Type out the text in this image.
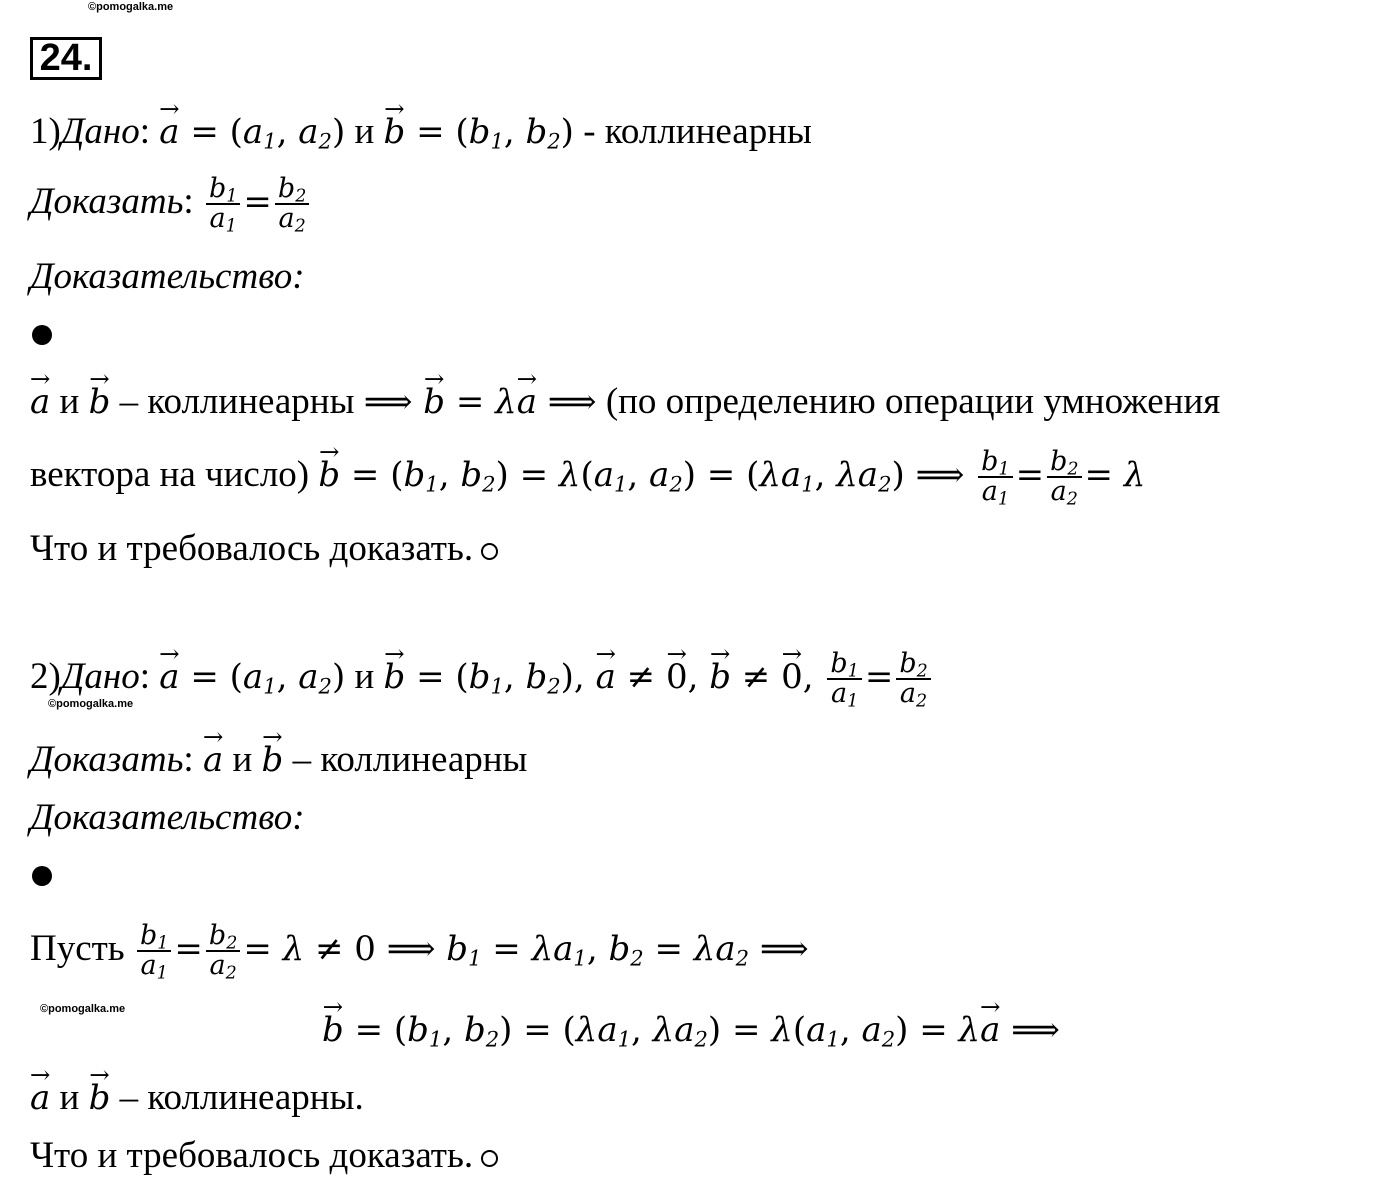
©pomogalka.me
24.
1)Дано: → $a = (a_1$, $a_2$) $и \to b = (b_1$, $b_2$) - коллинеарны
Доказать: $\frac{b_1}{a_1} = \frac{b_2}{a_2}$
Доказательство:
→ a и → b – коллинеарны ⟹ → b = λ→ a ⟹ (по определению операции умножения
вектора на число) → $b = (b_1$, $b_2) = \lambda(a_1$, $a_2) = (\lambda a_1$, $\lambda a_2$) ⟹ $\frac{b_1}{a_1} = \frac{b_2}{a_2} = \lambda$
Что и требовалось доказать.
2)Дано: → $a = (a_1$, $a_2$) $и \to b = (b_1$, $b_2$), → a ≠ → 0, → b ≠ → 0, $\frac{b_1}{a_1} = \frac{b_2}{a_2}$
©pomogalka.me
Доказать: → a и → b – коллинеарны
Доказательство:
Пусть $\frac{b_1}{a_1} = \frac{b_2}{a_2} = \lambda \ne 0$ ⟹ $b_1 = \lambda a_1$, $b_2 = \lambda a_2$ ⟹
©pomogalka.me
→ $b = (b_1$, $b_2) = (\lambda a_1$, $\lambda a_2) = \lambda(a_1$, $a_2) = \lambda\to a$ ⟹
→ a и → b – коллинеарны.
Что и требовалось доказать.
